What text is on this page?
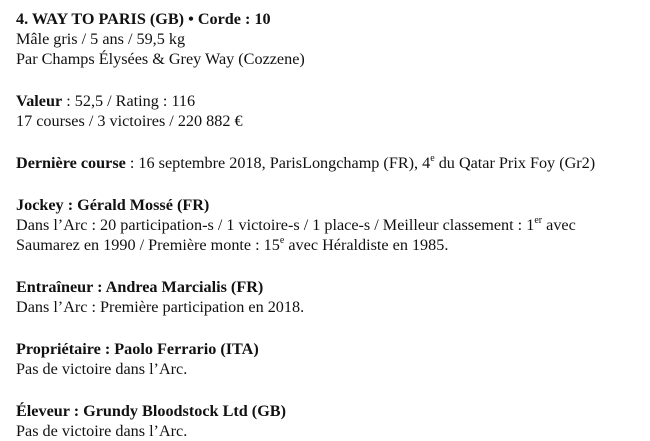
4. WAY TO PARIS (GB) • Corde : 10
Mâle gris / 5 ans / 59,5 kg
Par Champs Élysées & Grey Way (Cozzene)
Valeur : 52,5 / Rating : 116
17 courses / 3 victoires / 220 882 €
Dernière course : 16 septembre 2018, ParisLongchamp (FR), 4e du Qatar Prix Foy (Gr2)
Jockey : Gérald Mossé (FR)
Dans l’Arc : 20 participation-s / 1 victoire-s / 1 place-s / Meilleur classement : 1er avec
Saumarez en 1990 / Première monte : 15e avec Héraldiste en 1985.
Entraîneur : Andrea Marcialis (FR)
Dans l’Arc : Première participation en 2018.
Propriétaire : Paolo Ferrario (ITA)
Pas de victoire dans l’Arc.
Éleveur : Grundy Bloodstock Ltd (GB)
Pas de victoire dans l’Arc.
